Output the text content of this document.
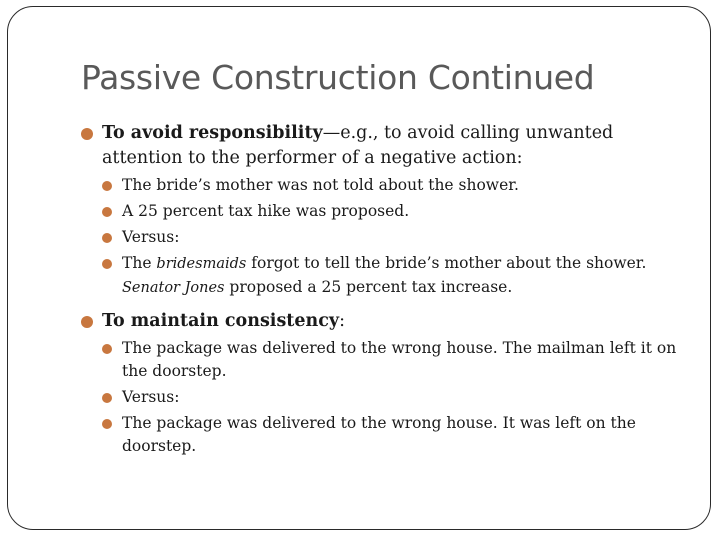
Passive Construction Continued
To avoid responsibility—e.g., to avoid calling unwanted attention to the performer of a negative action:
The bride’s mother was not told about the shower.
A 25 percent tax hike was proposed.
Versus:
The bridesmaids forgot to tell the bride’s mother about the shower. Senator Jones proposed a 25 percent tax increase.
To maintain consistency:
The package was delivered to the wrong house. The mailman left it on the doorstep.
Versus:
The package was delivered to the wrong house. It was left on the doorstep.
